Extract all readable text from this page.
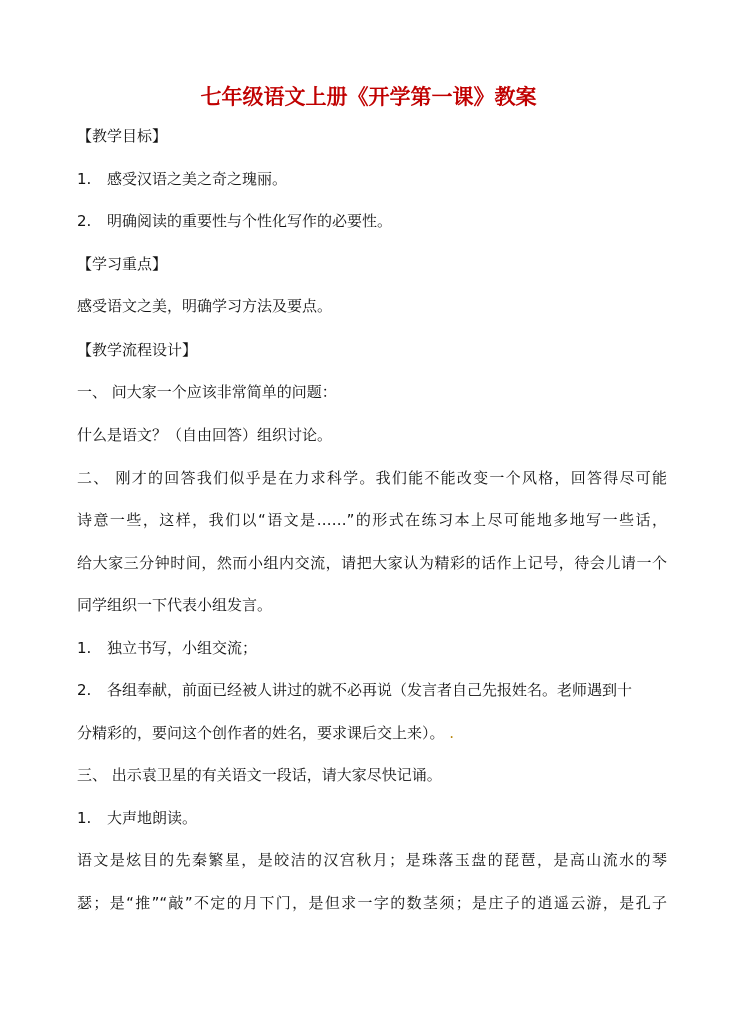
七年级语文上册《开学第一课》教案

【教学目标】

1. 感受汉语之美之奇之瑰丽。

2. 明确阅读的重要性与个性化写作的必要性。

【学习重点】

感受语文之美，明确学习方法及要点。

【教学流程设计】

一、 问大家一个应该非常简单的问题：

什么是语文？（自由回答）组织讨论。

二、 刚才的回答我们似乎是在力求科学。我们能不能改变一个风格，回答得尽可能

诗意一些，这样，我们以“语文是……”的形式在练习本上尽可能地多地写一些话，

给大家三分钟时间，然而小组内交流，请把大家认为精彩的话作上记号，待会儿请一个

同学组织一下代表小组发言。

1. 独立书写，小组交流；

2. 各组奉献，前面已经被人讲过的就不必再说（发言者自己先报姓名。老师遇到十

分精彩的，要问这个创作者的姓名，要求课后交上来）。 .

三、 出示袁卫星的有关语文一段话，请大家尽快记诵。

1. 大声地朗读。

语文是炫目的先秦繁星，是皎洁的汉宫秋月；是珠落玉盘的琵琶，是高山流水的琴

瑟；是“推”“敲”不定的月下门，是但求一字的数茎须；是庄子的逍遥云游，是孔子
